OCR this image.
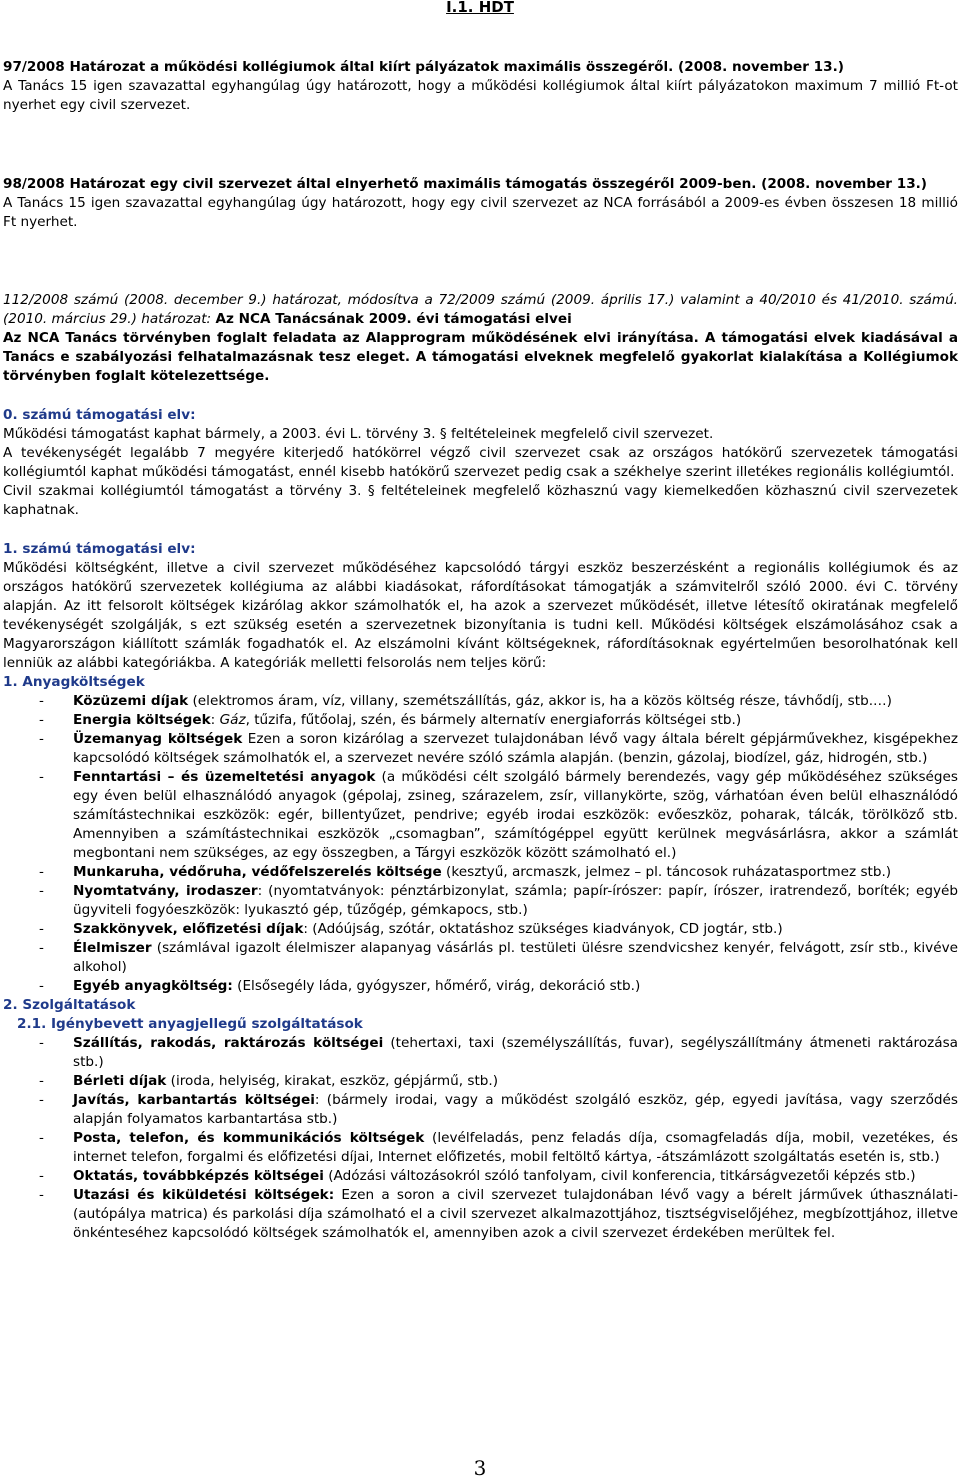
I.1. HDT
97/2008 Határozat a működési kollégiumok által kiírt pályázatok maximális összegéről. (2008. november 13.)
A Tanács 15 igen szavazattal egyhangúlag úgy határozott, hogy a működési kollégiumok által kiírt pályázatokon maximum 7 millió Ft-ot nyerhet egy civil szervezet.
98/2008 Határozat egy civil szervezet által elnyerhető maximális támogatás összegéről 2009-ben. (2008. november 13.)
A Tanács 15 igen szavazattal egyhangúlag úgy határozott, hogy egy civil szervezet az NCA forrásából a 2009-es évben összesen 18 millió Ft nyerhet.
112/2008 számú (2008. december 9.) határozat, módosítva a 72/2009 számú (2009. április 17.) valamint a 40/2010 és 41/2010. számú. (2010. március 29.) határozat: Az NCA Tanácsának 2009. évi támogatási elvei
Az NCA Tanács törvényben foglalt feladata az Alapprogram működésének elvi irányítása. A támogatási elvek kiadásával a Tanács e szabályozási felhatalmazásnak tesz eleget. A támogatási elveknek megfelelő gyakorlat kialakítása a Kollégiumok törvényben foglalt kötelezettsége.
0. számú támogatási elv:
Működési támogatást kaphat bármely, a 2003. évi L. törvény 3. § feltételeinek megfelelő civil szervezet.
A tevékenységét legalább 7 megyére kiterjedő hatókörrel végző civil szervezet csak az országos hatókörű szervezetek támogatási kollégiumtól kaphat működési támogatást, ennél kisebb hatókörű szervezet pedig csak a székhelye szerint illetékes regionális kollégiumtól.
Civil szakmai kollégiumtól támogatást a törvény 3. § feltételeinek megfelelő közhasznú vagy kiemelkedően közhasznú civil szervezetek kaphatnak.
1. számú támogatási elv:
Működési költségként, illetve a civil szervezet működéséhez kapcsolódó tárgyi eszköz beszerzésként a regionális kollégiumok és az országos hatókörű szervezetek kollégiuma az alábbi kiadásokat, ráfordításokat támogatják a számvitelről szóló 2000. évi C. törvény alapján. Az itt felsorolt költségek kizárólag akkor számolhatók el, ha azok a szervezet működését, illetve létesítő okiratának megfelelő tevékenységét szolgálják, s ezt szükség esetén a szervezetnek bizonyítania is tudni kell. Működési költségek elszámolásához csak a Magyarországon kiállított számlák fogadhatók el. Az elszámolni kívánt költségeknek, ráfordításoknak egyértelműen besorolhatónak kell lenniük az alábbi kategóriákba. A kategóriák melletti felsorolás nem teljes körű:
1. Anyagköltségek
- Közüzemi díjak (elektromos áram, víz, villany, szemétszállítás, gáz, akkor is, ha a közös költség része, távhődíj, stb.…)
- Energia költségek: Gáz, tűzifa, fűtőolaj, szén, és bármely alternatív energiaforrás költségei stb.)
- Üzemanyag költségek Ezen a soron kizárólag a szervezet tulajdonában lévő vagy általa bérelt gépjárművekhez, kisgépekhez kapcsolódó költségek számolhatók el, a szervezet nevére szóló számla alapján. (benzin, gázolaj, biodízel, gáz, hidrogén, stb.)
- Fenntartási – és üzemeltetési anyagok (a működési célt szolgáló bármely berendezés, vagy gép működéséhez szükséges egy éven belül elhasználódó anyagok (gépolaj, zsineg, szárazelem, zsír, villanykörte, szög, várhatóan éven belül elhasználódó számítástechnikai eszközök: egér, billentyűzet, pendrive; egyéb irodai eszközök: evőeszköz, poharak, tálcák, törölköző stb. Amennyiben a számítástechnikai eszközök „csomagban”, számítógéppel együtt kerülnek megvásárlásra, akkor a számlát megbontani nem szükséges, az egy összegben, a Tárgyi eszközök között számolható el.)
- Munkaruha, védőruha, védőfelszerelés költsége (kesztyű, arcmaszk, jelmez – pl. táncosok ruházatasportmez stb.)
- Nyomtatvány, irodaszer: (nyomtatványok: pénztárbizonylat, számla; papír-írószer: papír, írószer, iratrendező, boríték; egyéb ügyviteli fogyóeszközök: lyukasztó gép, tűzőgép, gémkapocs, stb.)
- Szakkönyvek, előfizetési díjak: (Adóújság, szótár, oktatáshoz szükséges kiadványok, CD jogtár, stb.)
- Élelmiszer (számlával igazolt élelmiszer alapanyag vásárlás pl. testületi ülésre szendvicshez kenyér, felvágott, zsír stb., kivéve alkohol)
- Egyéb anyagköltség: (Elsősegély láda, gyógyszer, hőmérő, virág, dekoráció stb.)
2. Szolgáltatások
2.1. Igénybevett anyagjellegű szolgáltatások
- Szállítás, rakodás, raktározás költségei (tehertaxi, taxi (személyszállítás, fuvar), segélyszállítmány átmeneti raktározása stb.)
- Bérleti díjak (iroda, helyiség, kirakat, eszköz, gépjármű, stb.)
- Javítás, karbantartás költségei: (bármely irodai, vagy a működést szolgáló eszköz, gép, egyedi javítása, vagy szerződés alapján folyamatos karbantartása stb.)
- Posta, telefon, és kommunikációs költségek (levélfeladás, penz feladás díja, csomagfeladás díja, mobil, vezetékes, és internet telefon, forgalmi és előfizetési díjai, Internet előfizetés, mobil feltöltő kártya, -átszámlázott szolgáltatás esetén is, stb.)
- Oktatás, továbbképzés költségei (Adózási változásokról szóló tanfolyam, civil konferencia, titkárságvezetői képzés stb.)
- Utazási és kiküldetési költségek: Ezen a soron a civil szervezet tulajdonában lévő vagy a bérelt járművek úthasználati- (autópálya matrica) és parkolási díja számolható el a civil szervezet alkalmazottjához, tisztségviselőjéhez, megbízottjához, illetve önkénteséhez kapcsolódó költségek számolhatók el, amennyiben azok a civil szervezet érdekében merültek fel.
3
